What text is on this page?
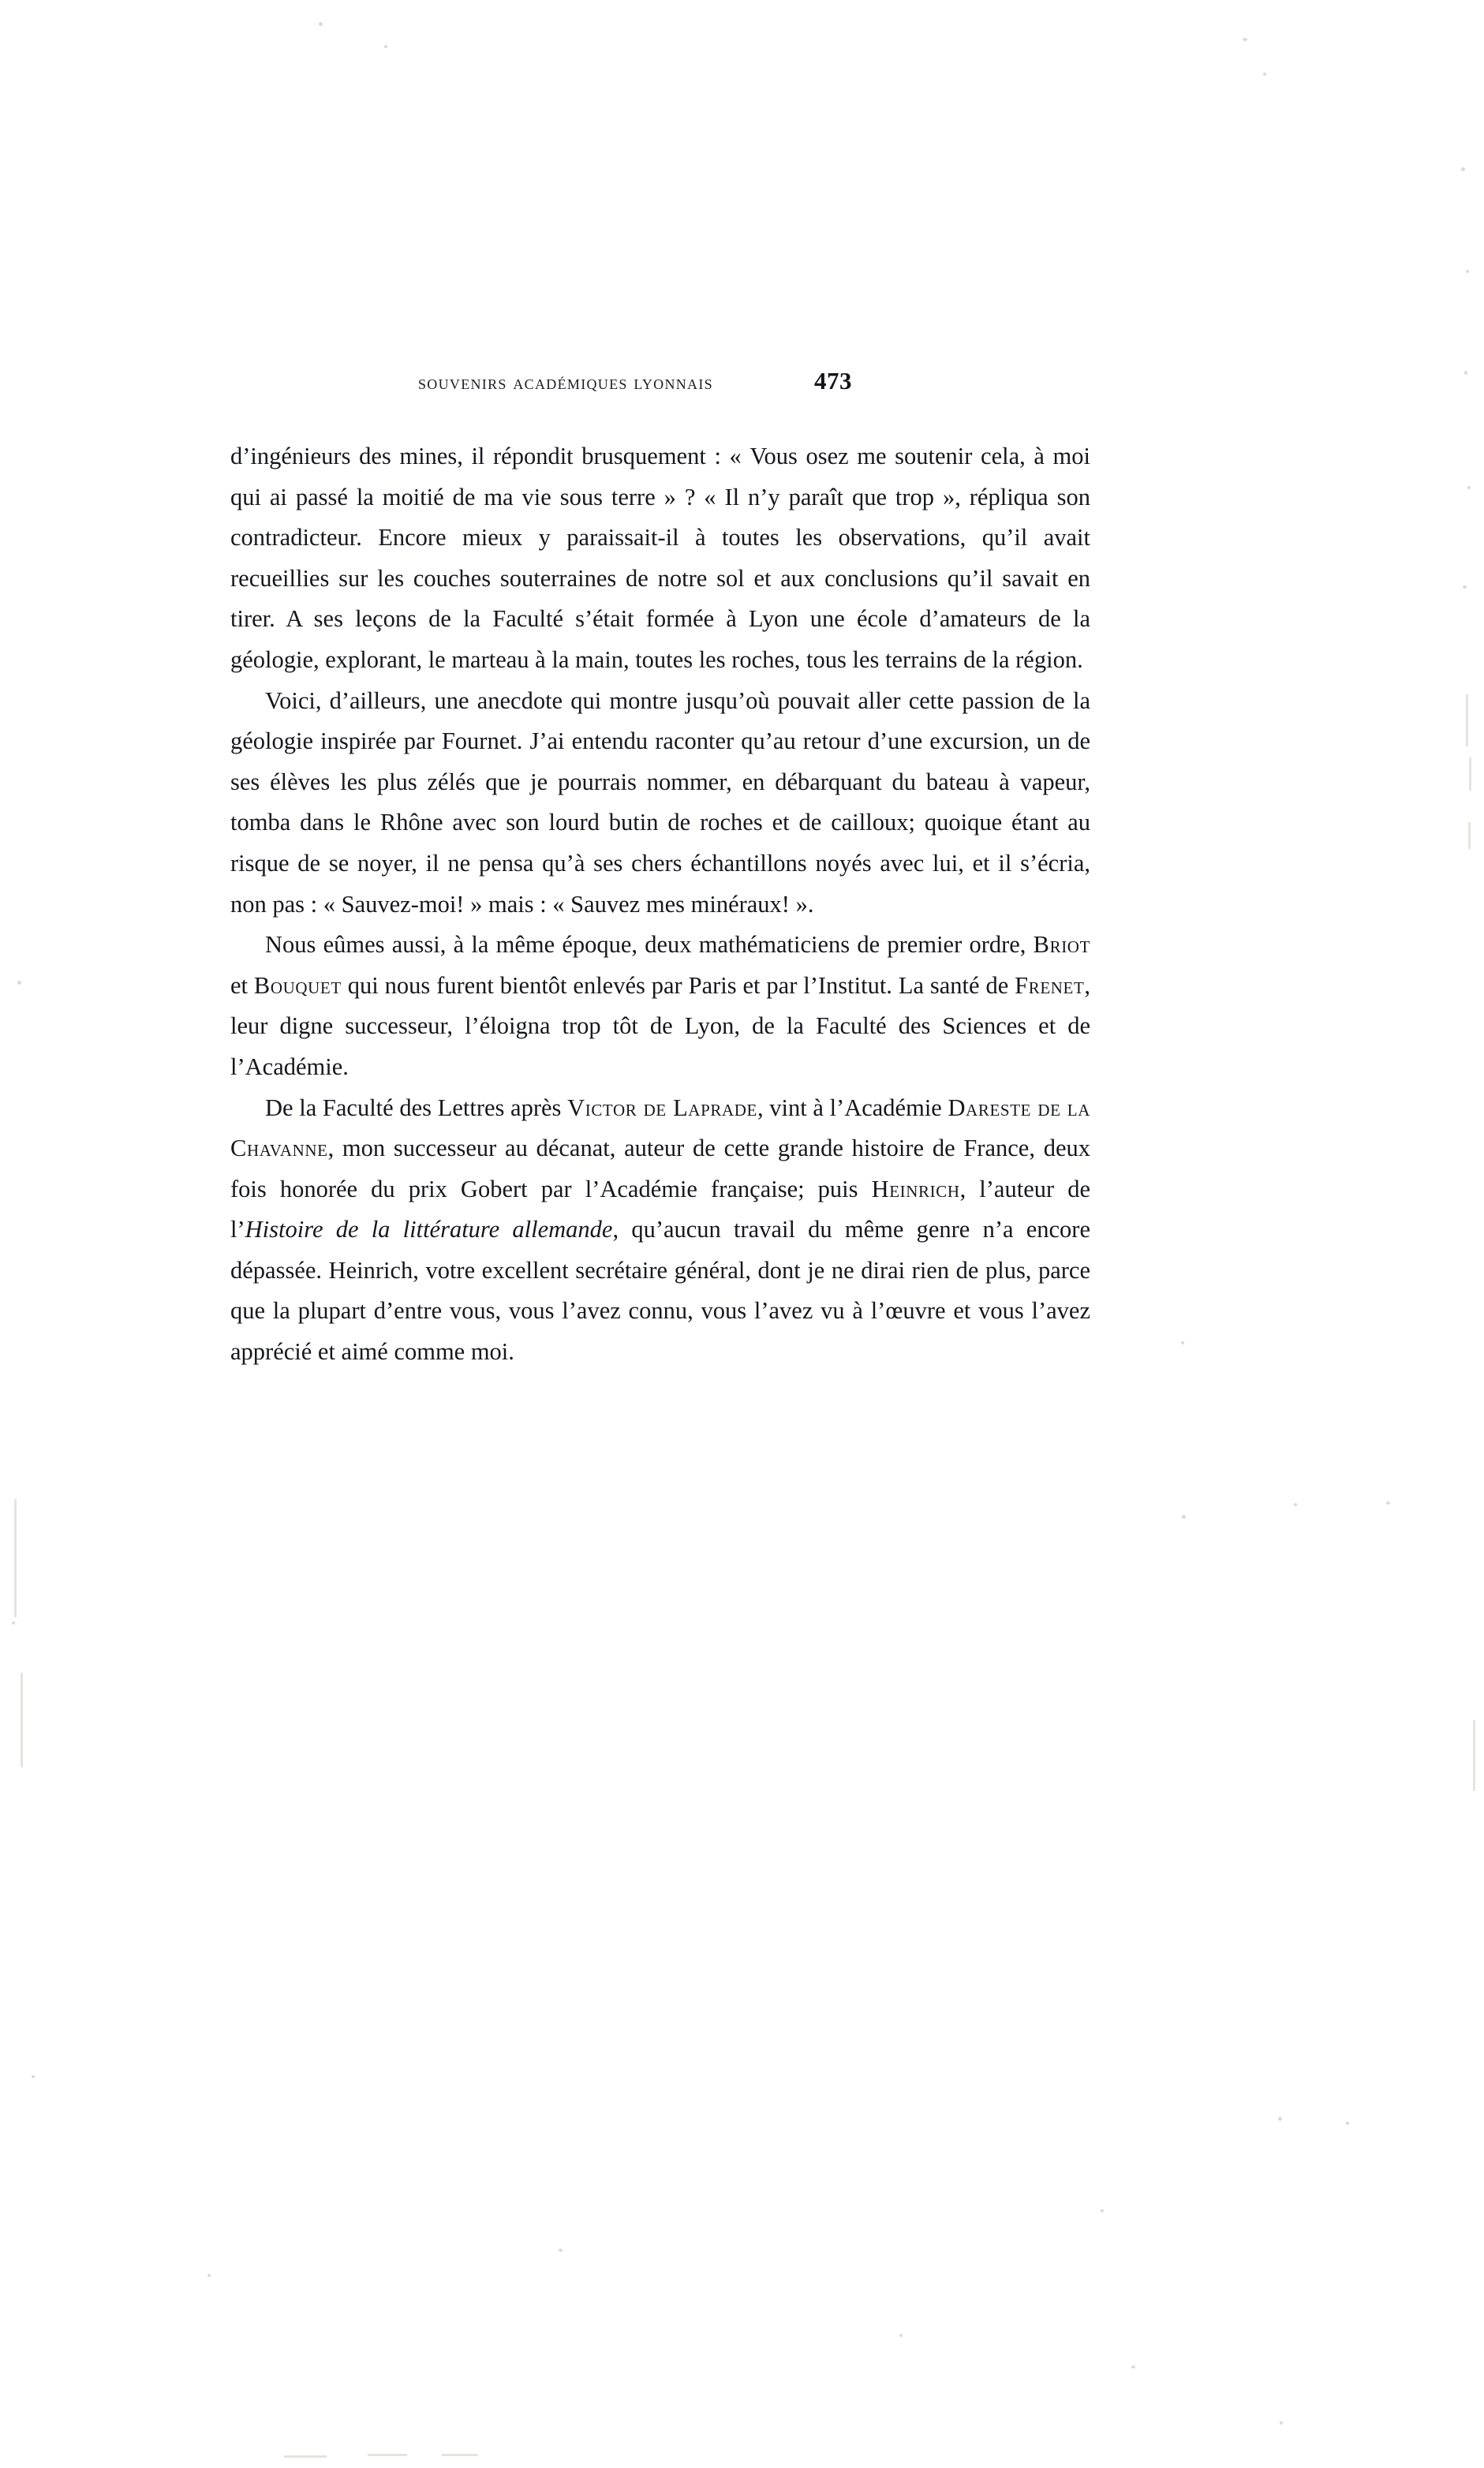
souvenirs académiques lyonnais	473

d’ingénieurs des mines, il répondit brusquement : « Vous osez me soutenir cela, à moi qui ai passé la moitié de ma vie sous terre » ? « Il n’y paraît que trop », répliqua son contradicteur. Encore mieux y paraissait-il à toutes les observations, qu’il avait recueillies sur les couches souterraines de notre sol et aux conclusions qu’il savait en tirer. A ses leçons de la Faculté s’était formée à Lyon une école d’amateurs de la géologie, explorant, le marteau à la main, toutes les roches, tous les terrains de la région.

Voici, d’ailleurs, une anecdote qui montre jusqu’où pouvait aller cette passion de la géologie inspirée par Fournet. J’ai entendu raconter qu’au retour d’une excursion, un de ses élèves les plus zélés que je pourrais nommer, en débarquant du bateau à vapeur, tomba dans le Rhône avec son lourd butin de roches et de cailloux; quoique étant au risque de se noyer, il ne pensa qu’à ses chers échantillons noyés avec lui, et il s’écria, non pas : « Sauvez-moi! » mais : « Sauvez mes minéraux! ».

Nous eûmes aussi, à la même époque, deux mathématiciens de premier ordre, Briot et Bouquet qui nous furent bientôt enlevés par Paris et par l’Institut. La santé de Frenet, leur digne successeur, l’éloigna trop tôt de Lyon, de la Faculté des Sciences et de l’Académie.

De la Faculté des Lettres après Victor de Laprade, vint à l’Académie Dareste de la Chavanne, mon successeur au décanat, auteur de cette grande histoire de France, deux fois honorée du prix Gobert par l’Académie française; puis Heinrich, l’auteur de l’Histoire de la littérature allemande, qu’aucun travail du même genre n’a encore dépassée. Heinrich, votre excellent secrétaire général, dont je ne dirai rien de plus, parce que la plupart d’entre vous, vous l’avez connu, vous l’avez vu à l’œuvre et vous l’avez apprécié et aimé comme moi.
